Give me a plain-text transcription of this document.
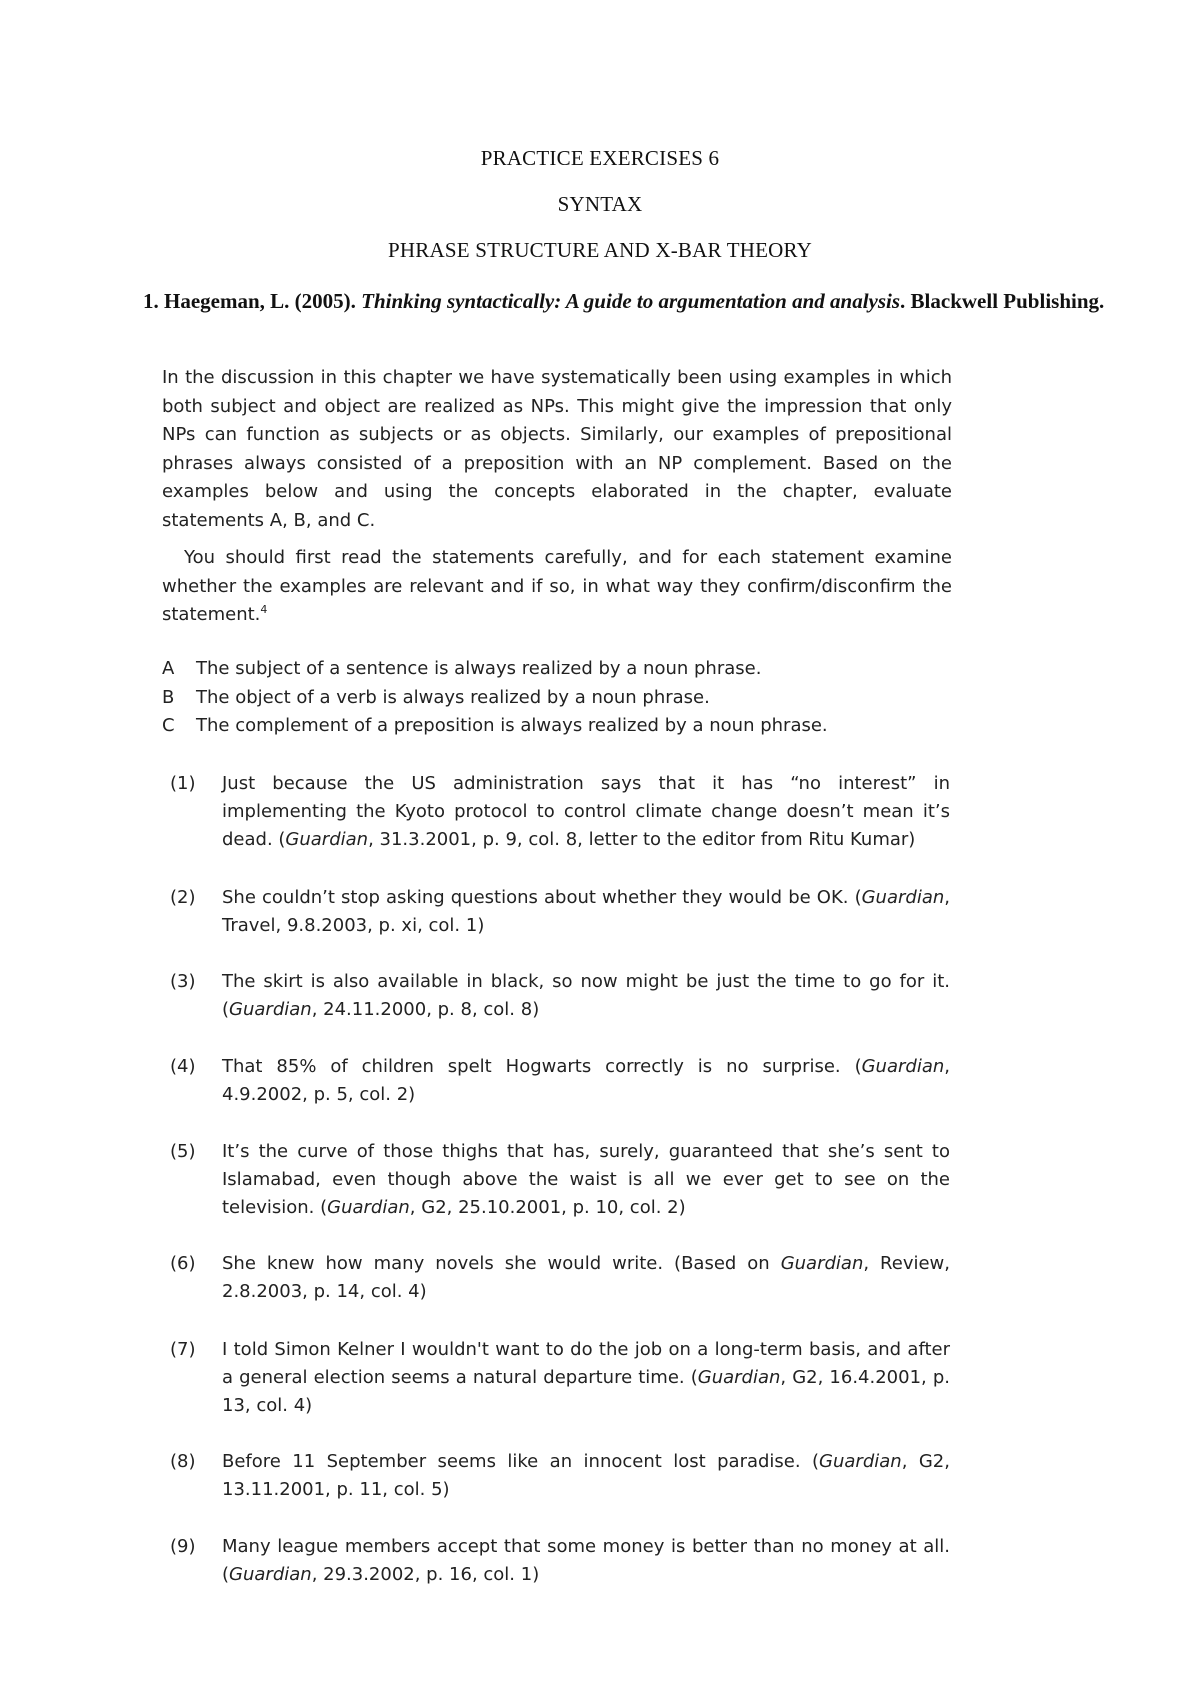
PRACTICE EXERCISES 6
SYNTAX
PHRASE STRUCTURE AND X-BAR THEORY
1. Haegeman, L. (2005). Thinking syntactically: A guide to argumentation and analysis. Blackwell Publishing.

In the discussion in this chapter we have systematically been using examples in which both subject and object are realized as NPs. This might give the impression that only NPs can function as subjects or as objects. Similarly, our examples of prepositional phrases always consisted of a preposition with an NP complement. Based on the examples below and using the concepts elaborated in the chapter, evaluate statements A, B, and C.

You should first read the statements carefully, and for each statement examine whether the examples are relevant and if so, in what way they confirm/disconfirm the statement.$^4$

A	The subject of a sentence is always realized by a noun phrase.
B	The object of a verb is always realized by a noun phrase.
C	The complement of a preposition is always realized by a noun phrase.
(1)	Just because the US administration says that it has “no interest” in implementing the Kyoto protocol to control climate change doesn’t mean it’s dead. (Guardian, 31.3.2001, p. 9, col. 8, letter to the editor from Ritu Kumar)
(2)	She couldn’t stop asking questions about whether they would be OK. (Guardian, Travel, 9.8.2003, p. xi, col. 1)
(3)	The skirt is also available in black, so now might be just the time to go for it. (Guardian, 24.11.2000, p. 8, col. 8)
(4)	That 85% of children spelt Hogwarts correctly is no surprise. (Guardian, 4.9.2002, p. 5, col. 2)
(5)	It’s the curve of those thighs that has, surely, guaranteed that she’s sent to Islamabad, even though above the waist is all we ever get to see on the television. (Guardian, G2, 25.10.2001, p. 10, col. 2)
(6)	She knew how many novels she would write. (Based on Guardian, Review, 2.8.2003, p. 14, col. 4)
(7)	I told Simon Kelner I wouldn't want to do the job on a long-term basis, and after a general election seems a natural departure time. (Guardian, G2, 16.4.2001, p. 13, col. 4)
(8)	Before 11 September seems like an innocent lost paradise. (Guardian, G2, 13.11.2001, p. 11, col. 5)
(9)	Many league members accept that some money is better than no money at all. (Guardian, 29.3.2002, p. 16, col. 1)
